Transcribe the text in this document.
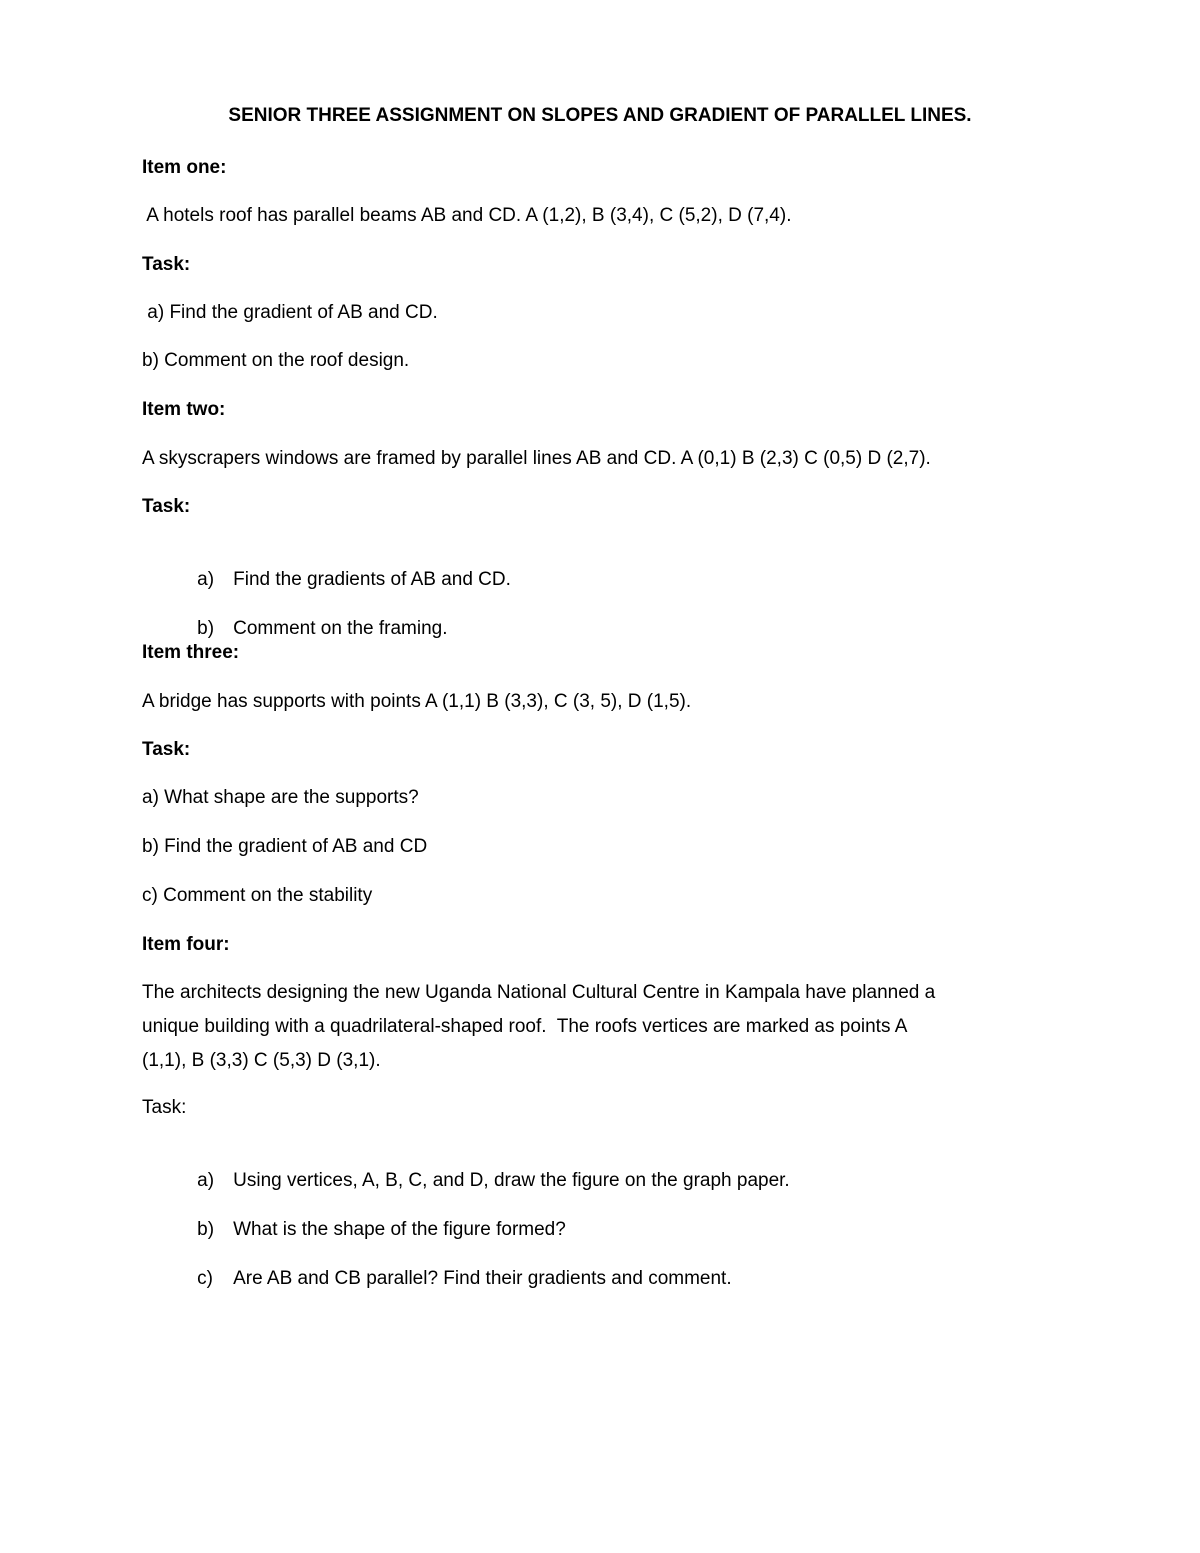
SENIOR THREE ASSIGNMENT ON SLOPES AND GRADIENT OF PARALLEL LINES.
Item one:
A hotels roof has parallel beams AB and CD. A (1,2), B (3,4), C (5,2), D (7,4).
Task:
a) Find the gradient of AB and CD.
b) Comment on the roof design.
Item two:
A skyscrapers windows are framed by parallel lines AB and CD. A (0,1) B (2,3) C (0,5) D (2,7).
Task:

a) Find the gradients of AB and CD.

b) Comment on the framing.

Item three:
A bridge has supports with points A (1,1) B (3,3), C (3, 5), D (1,5).
Task:
a) What shape are the supports?
b) Find the gradient of AB and CD
c) Comment on the stability
Item four:
The architects designing the new Uganda National Cultural Centre in Kampala have planned a
unique building with a quadrilateral-shaped roof.  The roofs vertices are marked as points A
(1,1), B (3,3) C (5,3) D (3,1).
Task:

a) Using vertices, A, B, C, and D, draw the figure on the graph paper.

b) What is the shape of the figure formed?

c) Are AB and CB parallel? Find their gradients and comment.
